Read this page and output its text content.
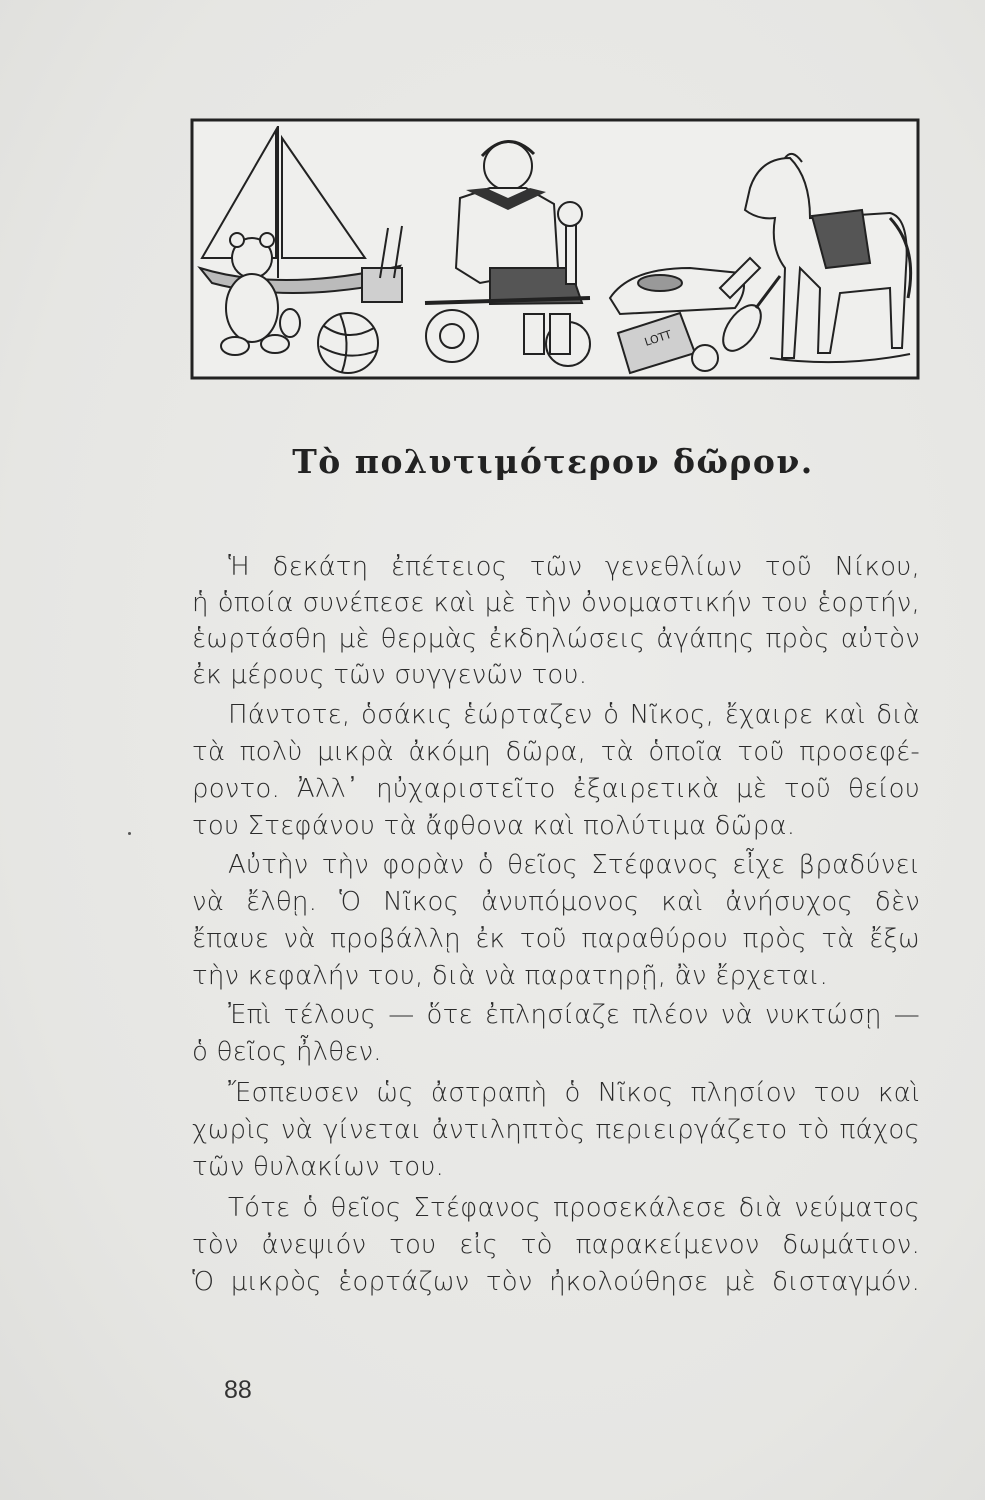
LOTT
Τὸ πολυτιμότερον δῶρον.
Ἡ δεκάτη ἐπέτειος τῶν γενεθλίων τοῦ Νίκου,
ἡ ὁποία συνέπεσε καὶ μὲ τὴν ὀνομαστικήν του ἑορτήν,
ἑωρτάσθη μὲ θερμὰς ἐκδηλώσεις ἀγάπης πρὸς αὐτὸν
ἐκ μέρους τῶν συγγενῶν του.
Πάντοτε, ὁσάκις ἑώρταζεν ὁ Νῖκος, ἔχαιρε καὶ διὰ
τὰ πολὺ μικρὰ ἀκόμη δῶρα, τὰ ὁποῖα τοῦ προσεφέ-
ροντο. Ἀλλ᾽ ηὐχαριστεῖτο ἐξαιρετικὰ μὲ τοῦ θείου
του Στεφάνου τὰ ἄφθονα καὶ πολύτιμα δῶρα.
Αὐτὴν τὴν φορὰν ὁ θεῖος Στέφανος εἶχε βραδύνει
νὰ ἔλθῃ. Ὁ Νῖκος ἀνυπόμονος καὶ ἀνήσυχος δὲν
ἔπαυε νὰ προβάλλῃ ἐκ τοῦ παραθύρου πρὸς τὰ ἔξω
τὴν κεφαλήν του, διὰ νὰ παρατηρῇ, ἂν ἔρχεται.
Ἐπὶ τέλους — ὅτε ἐπλησίαζε πλέον νὰ νυκτώσῃ —
ὁ θεῖος ἦλθεν.
Ἔσπευσεν ὡς ἀστραπὴ ὁ Νῖκος πλησίον του καὶ
χωρὶς νὰ γίνεται ἀντιληπτὸς περιειργάζετο τὸ πάχος
τῶν θυλακίων του.
Τότε ὁ θεῖος Στέφανος προσεκάλεσε διὰ νεύματος
τὸν ἀνεψιόν του εἰς τὸ παρακείμενον δωμάτιον.
Ὁ μικρὸς ἑορτάζων τὸν ἠκολούθησε μὲ δισταγμόν.
88
